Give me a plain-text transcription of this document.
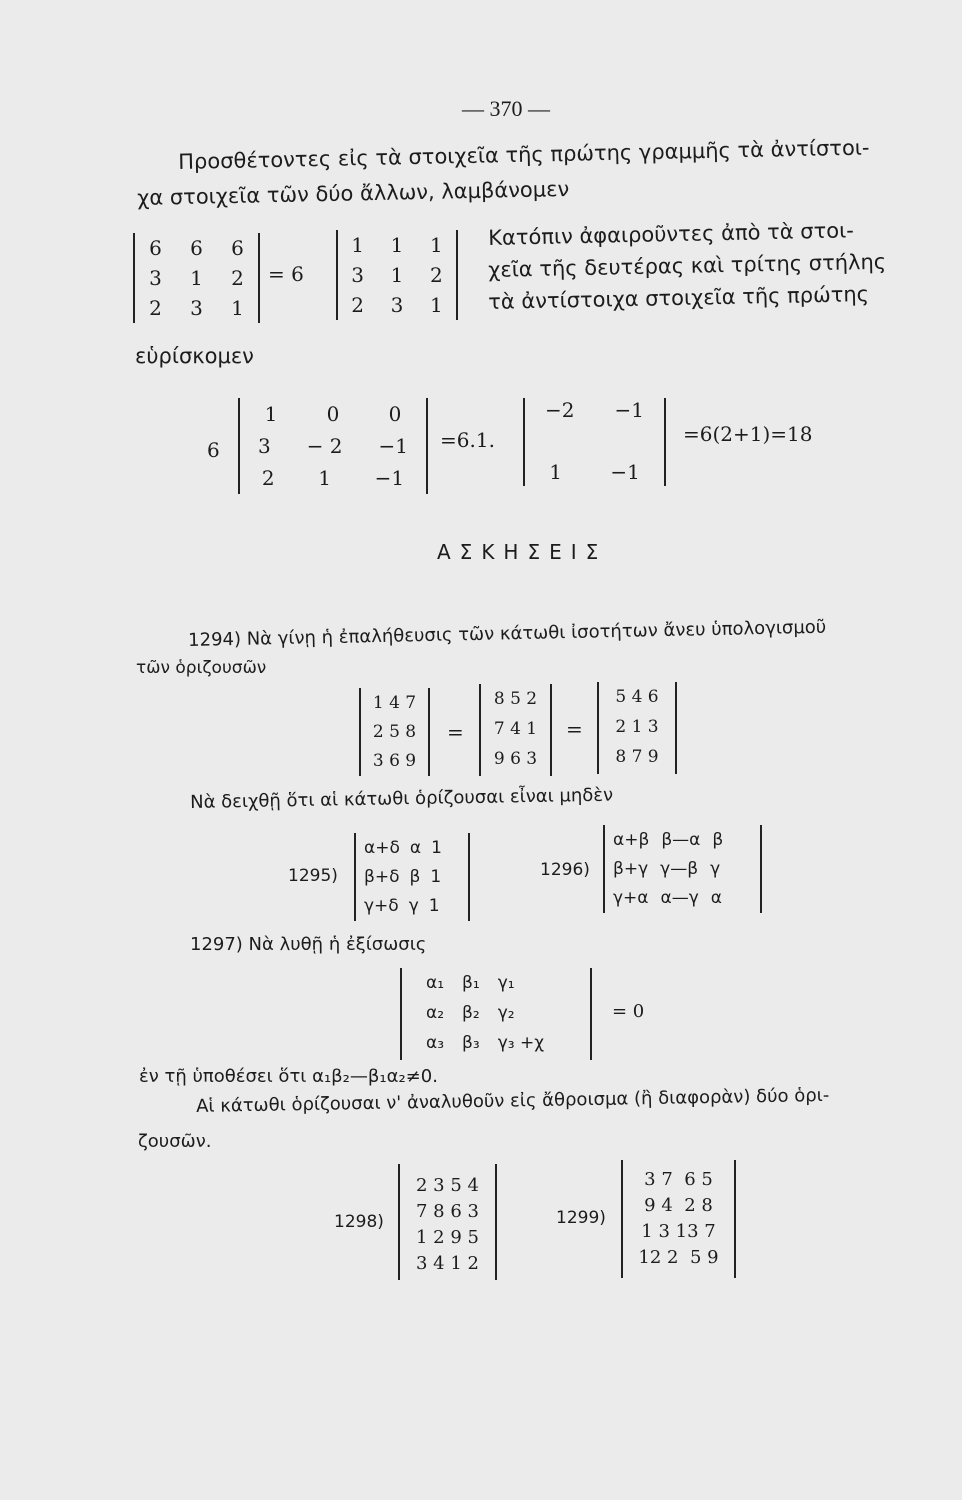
— 370 —
Προσθέτοντες εἰς τὰ στοιχεῖα τῆς πρώτης γραμμῆς τὰ ἀντίστοι-
χα στοιχεῖα τῶν δύο ἄλλων, λαμβάνομεν
6 6 6
3 1 2
2 3 1
= 6
1 1 1
3 1 2
2 3 1
Κατόπιν ἀφαιροῦντες ἀπὸ τὰ στοι-
χεῖα τῆς δευτέρας καὶ τρίτης στήλης
τὰ ἀντίστοιχα στοιχεῖα τῆς πρώτης
εὑρίσκομεν
6
1 0 0
3 − 2 −1
2 1 −1
=6.1.
−2 −1
1 −1
=6(2+1)=18
ΑΣΚΗΣΕΙΣ
1294) Νὰ γίνῃ ἡ ἐπαλήθευσις τῶν κάτωθι ἰσοτήτων ἄνευ ὑπολογισμοῦ
τῶν ὁριζουσῶν
1 4 7
2 5 8
3 6 9
=
8 5 2
7 4 1
9 6 3
=
5 4 6
2 1 3
8 7 9
Νὰ δειχθῇ ὅτι αἱ κάτωθι ὁρίζουσαι εἶναι μηδὲν
1295)
α+δ α 1
β+δ β 1
γ+δ γ 1
1296)
α+β β—α β
β+γ γ—β γ
γ+α α—γ α
1297) Νὰ λυθῇ ἡ ἐξίσωσις
α₁ β₁ γ₁
α₂ β₂ γ₂
α₃ β₃ γ₃ +χ
= 0
ἐν τῇ ὑποθέσει ὅτι α₁β₂—β₁α₂≠0.
Αἱ κάτωθι ὁρίζουσαι ν' ἀναλυθοῦν εἰς ἄθροισμα (ἢ διαφορὰν) δύο ὁρι-
ζουσῶν.
1298)
2 3 5 4
7 8 6 3
1 2 9 5
3 4 1 2
1299)
3 7  6 5
9 4  2 8
1 3 13 7
12 2  5 9
